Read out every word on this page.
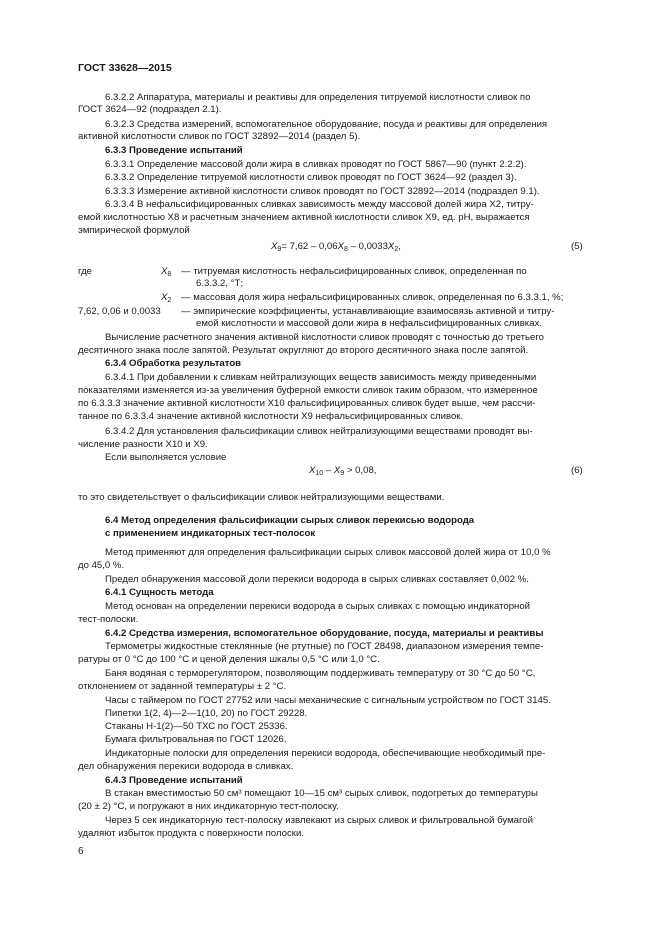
ГОСТ 33628—2015
6.3.2.2 Аппаратура, материалы и реактивы для определения титруемой кислотности сливок по
ГОСТ 3624—92 (подраздел 2.1).
6.3.2.3 Средства измерений, вспомогательное оборудование, посуда и реактивы для определения
активной кислотности сливок по ГОСТ 32892—2014 (раздел 5).
6.3.3 Проведение испытаний
6.3.3.1 Определение массовой доли жира в сливках проводят по ГОСТ 5867—90 (пункт 2.2.2).
6.3.3.2 Определение титруемой кислотности сливок проводят по ГОСТ 3624—92 (раздел 3).
6.3.3.3 Измерение активной кислотности сливок проводят по ГОСТ 32892—2014 (подраздел 9.1).
6.3.3.4 В нефальсифицированных сливках зависимость между массовой долей жира X2, титру-
емой кислотностью X8 и расчетным значением активной кислотности сливок X9, ед. pH, выражается
эмпирической формулой
$X_9= 7,62 - 0,06X_8 - 0,0033X_2$,	(5)
где	$X_8$ — титруемая кислотность нефальсифицированных сливок, определенная по
6.3.3.2, °Т;
$X_2$ — массовая доля жира нефальсифицированных сливок, определенная по 6.3.3.1, %;
7,62, 0,06 и 0,0033 — эмпирические коэффициенты, устанавливающие взаимосвязь активной и титру-
емой кислотности и массовой доли жира в нефальсифицированных сливках.
Вычисление расчетного значения активной кислотности сливок проводят с точностью до третьего
десятичного знака после запятой. Результат округляют до второго десятичного знака после запятой.
6.3.4 Обработка результатов
6.3.4.1 При добавлении к сливкам нейтрализующих веществ зависимость между приведенными
показателями изменяется из-за увеличения буферной емкости сливок таким образом, что измеренное
по 6.3.3.3 значение активной кислотности X10 фальсифицированных сливок будет выше, чем рассчи-
танное по 6.3.3.4 значение активной кислотности X9 нефальсифицированных сливок.
6.3.4.2 Для установления фальсификации сливок нейтрализующими веществами проводят вы-
числение разности X10 и X9.
Если выполняется условие
$X_{10} - X_9 > 0,08$,	(6)
то это свидетельствует о фальсификации сливок нейтрализующими веществами.
6.4 Метод определения фальсификации сырых сливок перекисью водорода
с применением индикаторных тест-полосок
Метод применяют для определения фальсификации сырых сливок массовой долей жира от 10,0 %
до 45,0 %.
Предел обнаружения массовой доли перекиси водорода в сырых сливках составляет 0,002 %.
6.4.1 Сущность метода
Метод основан на определении перекиси водорода в сырых сливках с помощью индикаторной
тест-полоски.
6.4.2 Средства измерения, вспомогательное оборудование, посуда, материалы и реактивы
Термометры жидкостные стеклянные (не ртутные) по ГОСТ 28498, диапазоном измерения темпе-
ратуры от 0 °С до 100 °С и ценой деления шкалы 0,5 °С или 1,0 °С.
Баня водяная с терморегулятором, позволяющим поддерживать температуру от 30 °С до 50 °С,
отклонением от заданной температуры ± 2 °С.
Часы с таймером по ГОСТ 27752 или часы механические с сигнальным устройством по ГОСТ 3145.
Пипетки 1(2, 4)—2—1(10, 20) по ГОСТ 29228.
Стаканы Н-1(2)—50 ТХС по ГОСТ 25336.
Бумага фильтровальная по ГОСТ 12026.
Индикаторные полоски для определения перекиси водорода, обеспечивающие необходимый пре-
дел обнаружения перекиси водорода в сливках.
6.4.3 Проведение испытаний
В стакан вместимостью 50 см³ помещают 10—15 см³ сырых сливок, подогретых до температуры
(20 ± 2) °С, и погружают в них индикаторную тест-полоску.
Через 5 сек индикаторную тест-полоску извлекают из сырых сливок и фильтровальной бумагой
удаляют избыток продукта с поверхности полоски.
6
